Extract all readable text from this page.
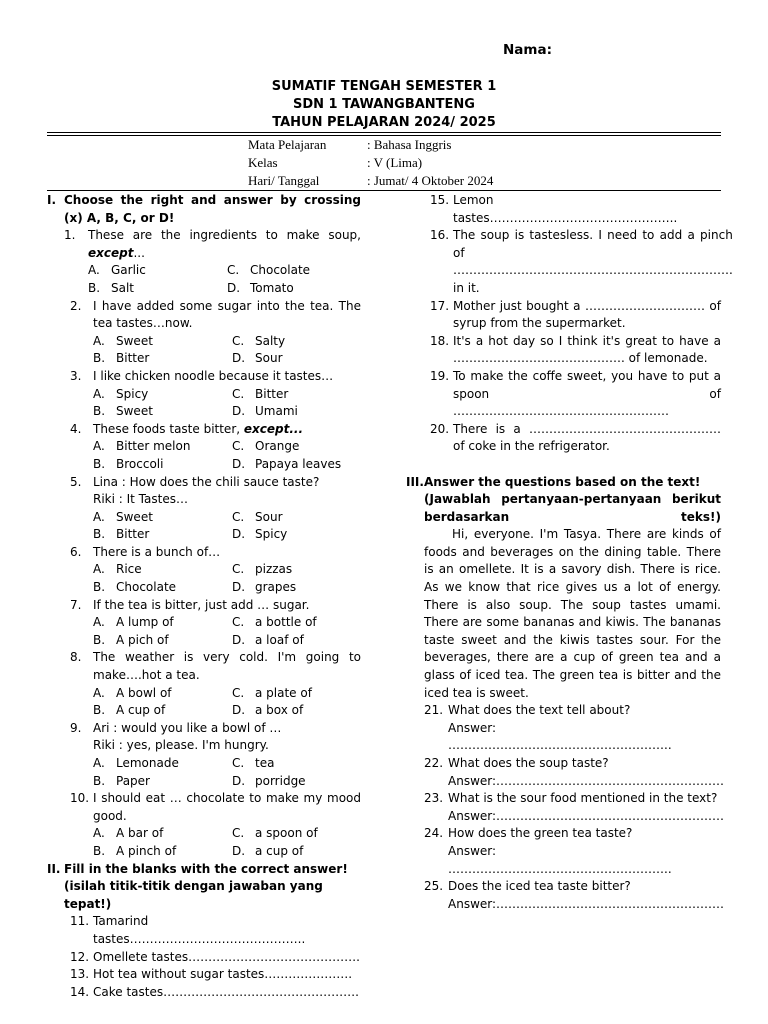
Nama:
SUMATIF TENGAH SEMESTER 1
SDN 1 TAWANGBANTENG
TAHUN PELAJARAN 2024/ 2025
Mata Pelajaran	: Bahasa Inggris
Kelas	: V (Lima)
Hari/ Tanggal	: Jumat/ 4 Oktober 2024
I. Choose the right and answer by crossing (x) A, B, C, or D!
1.	These are the ingredients to make soup, except...
A. Garlic	C. Chocolate
B. Salt	D. Tomato
2. I have added some sugar into the tea. The tea tastes…now.
A. Sweet	C. Salty
B. Bitter	D. Sour
3. I like chicken noodle because it tastes…
A. Spicy	C. Bitter
B. Sweet	D. Umami
4. These foods taste bitter, except...
A. Bitter melon	C. Orange
B. Broccoli	D. Papaya leaves
5. Lina : How does the chili sauce taste?
Riki : It Tastes…
A. Sweet	C. Sour
B. Bitter	D. Spicy
6. There is a bunch of…
A. Rice	C. pizzas
B. Chocolate	D. grapes
7. If the tea is bitter, just add … sugar.
A. A lump of	C. a bottle of
B. A pich of	D. a loaf of
8. The weather is very cold. I'm going to make….hot a tea.
A. A bowl of	C. a plate of
B. A cup of	D. a box of
9. Ari : would you like a bowl of …
Riki : yes, please. I'm hungry.
A. Lemonade	C. tea
B. Paper	D. porridge
10. I should eat … chocolate to make my mood good.
A. A bar of	C. a spoon of
B. A pinch of	D. a cup of
II. Fill in the blanks with the correct answer!
(isilah titik-titik dengan jawaban yang tepat!)
11. Tamarind tastes……………………………………..
12. Omellete tastes…………………………………….
13. Hot tea without sugar tastes………………….
14. Cake tastes………………………………………….
15. Lemon tastes………………………………………..
16. The soup is tastesless. I need to add a pinch of ……………………………………………………………. in it.
17. Mother just bought a ………………………… of syrup from the supermarket.
18. It's a hot day so I think it's great to have a ……………………………………. of lemonade.
19. To make the coffe sweet, you have to put a spoon of ………………………………………………
20. There is a ………………………………………… of coke in the refrigerator.
III. Answer the questions based on the text!
(Jawablah pertanyaan-pertanyaan berikut berdasarkan teks!)
Hi, everyone. I'm Tasya. There are kinds of foods and beverages on the dining table. There is an omellete. It is a savory dish. There is rice. As we know that rice gives us a lot of energy. There is also soup. The soup tastes umami. There are some bananas and kiwis. The bananas taste sweet and the kiwis tastes sour. For the beverages, there are a cup of green tea and a glass of iced tea. The green tea is bitter and the iced tea is sweet.
21. What does the text tell about?
Answer: ………………………………………………..
22. What does the soup taste?
Answer:…………………………………………………
23. What is the sour food mentioned in the text?
Answer:…………………………………………………
24. How does the green tea taste?
Answer: ………………………………………………..
25. Does the iced tea taste bitter?
Answer:…………………………………………………
